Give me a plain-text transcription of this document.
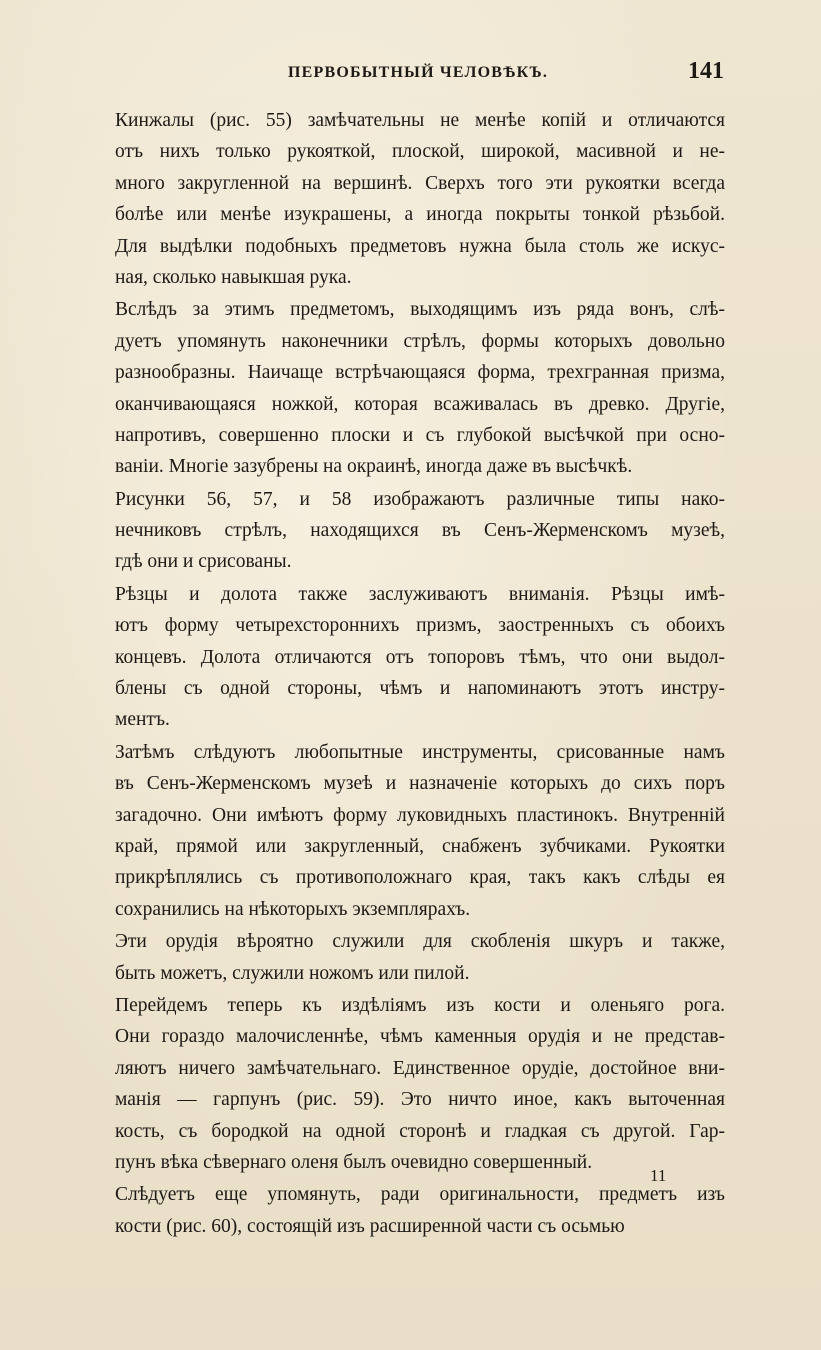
ПЕРВОБЫТНЫЙ ЧЕЛОВѢКЪ.	141
Кинжалы (рис. 55) замѣчательны не менѣе копій и отличаются
отъ нихъ только рукояткой, плоской, широкой, масивной и не-
много закругленной на вершинѣ. Сверхъ того эти рукоятки всегда
болѣе или менѣе изукрашены, а иногда покрыты тонкой рѣзьбой.
Для выдѣлки подобныхъ предметовъ нужна была столь же искус-
ная, сколько навыкшая рука.
Вслѣдъ за этимъ предметомъ, выходящимъ изъ ряда вонъ, слѣ-
дуетъ упомянуть наконечники стрѣлъ, формы которыхъ довольно
разнообразны. Наичаще встрѣчающаяся форма, трехгранная призма,
оканчивающаяся ножкой, которая всаживалась въ древко. Другіе,
напротивъ, совершенно плоски и съ глубокой высѣчкой при осно-
ваніи. Многіе зазубрены на окраинѣ, иногда даже въ высѣчкѣ.
Рисунки 56, 57, и 58 изображаютъ различные типы нако-
нечниковъ стрѣлъ, находящихся въ Сенъ-Жерменскомъ музеѣ,
гдѣ они и срисованы.
Рѣзцы и долота также заслуживаютъ вниманія. Рѣзцы имѣ-
ютъ форму четырехстороннихъ призмъ, заостренныхъ съ обоихъ
концевъ. Долота отличаются отъ топоровъ тѣмъ, что они выдол-
блены съ одной стороны, чѣмъ и напоминаютъ этотъ инстру-
ментъ.
Затѣмъ слѣдуютъ любопытные инструменты, срисованные намъ
въ Сенъ-Жерменскомъ музеѣ и назначеніе которыхъ до сихъ поръ
загадочно. Они имѣютъ форму луковидныхъ пластинокъ. Внутренній
край, прямой или закругленный, снабженъ зубчиками. Рукоятки
прикрѣплялись съ противоположнаго края, такъ какъ слѣды ея
сохранились на нѣкоторыхъ экземплярахъ.
Эти орудія вѣроятно служили для скобленія шкуръ и также,
быть можетъ, служили ножомъ или пилой.
Перейдемъ теперь къ издѣліямъ изъ кости и оленьяго рога.
Они гораздо малочисленнѣе, чѣмъ каменныя орудія и не представ-
ляютъ ничего замѣчательнаго. Единственное орудіе, достойное вни-
манія — гарпунъ (рис. 59). Это ничто иное, какъ выточенная
кость, съ бородкой на одной сторонѣ и гладкая съ другой. Гар-
пунъ вѣка сѣвернаго оленя былъ очевидно совершенный.
Слѣдуетъ еще упомянуть, ради оригинальности, предметъ изъ
кости (рис. 60), состоящій изъ расширенной части съ осьмью
11
